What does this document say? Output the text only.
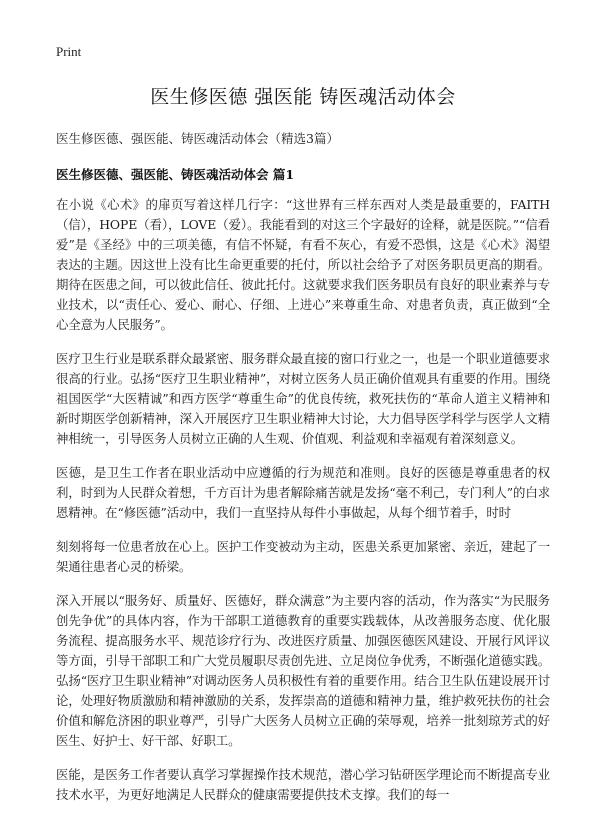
Print
医生修医德 强医能 铸医魂活动体会
医生修医德、强医能、铸医魂活动体会（精选3篇）
医生修医德、强医能、铸医魂活动体会 篇1

在小说《心术》的扉页写着这样几行字：“这世界有三样东西对人类是最重要的，FAITH（信），HOPE（看），LOVE（爱）。我能看到的对这三个字最好的诠释，就是医院。”“信看爱”是《圣经》中的三项美德，有信不怀疑，有看不灰心，有爱不恐惧，这是《心术》渴望表达的主题。因这世上没有比生命更重要的托付，所以社会给予了对医务职员更高的期看。期待在医患之间，可以彼此信任、彼此托付。这就要求我们医务职员有良好的职业素养与专业技术，以“责任心、爱心、耐心、仔细、上进心”来尊重生命、对患者负责，真正做到“全心全意为人民服务”。

医疗卫生行业是联系群众最紧密、服务群众最直接的窗口行业之一，也是一个职业道德要求很高的行业。弘扬“医疗卫生职业精神”，对树立医务人员正确价值观具有重要的作用。围绕祖国医学“大医精诚”和西方医学“尊重生命”的优良传统，救死扶伤的“革命人道主义精神和新时期医学创新精神，深入开展医疗卫生职业精神大讨论，大力倡导医学科学与医学人文精神相统一，引导医务人员树立正确的人生观、价值观、利益观和幸福观有着深刻意义。

医德，是卫生工作者在职业活动中应遵循的行为规范和准则。良好的医德是尊重患者的权利，时到为人民群众着想，千方百计为患者解除痛苦就是发扬“毫不利己，专门利人”的白求恩精神。在“修医德”活动中，我们一直坚持从每件小事做起，从每个细节着手，时时

刻刻将每一位患者放在心上。医护工作变被动为主动，医患关系更加紧密、亲近，建起了一架通往患者心灵的桥梁。

深入开展以“服务好、质量好、医德好，群众满意”为主要内容的活动，作为落实“为民服务创先争优”的具体内容，作为干部职工道德教育的重要实践载体，从改善服务态度、优化服务流程、提高服务水平、规范诊疗行为、改进医疗质量、加强医德医风建设、开展行风评议等方面，引导干部职工和广大党员履职尽责创先进、立足岗位争优秀，不断强化道德实践。弘扬“医疗卫生职业精神”对调动医务人员积极性有着的重要作用。结合卫生队伍建设展开讨论，处理好物质激励和精神激励的关系，发挥崇高的道德和精神力量，维护救死扶伤的社会价值和解危济困的职业尊严，引导广大医务人员树立正确的荣辱观，培养一批刻琼芳式的好医生、好护士、好干部、好职工。

医能，是医务工作者要认真学习掌握操作技术规范，潜心学习钻研医学理论而不断提高专业技术水平，为更好地满足人民群众的健康需要提供技术支撑。我们的每一
